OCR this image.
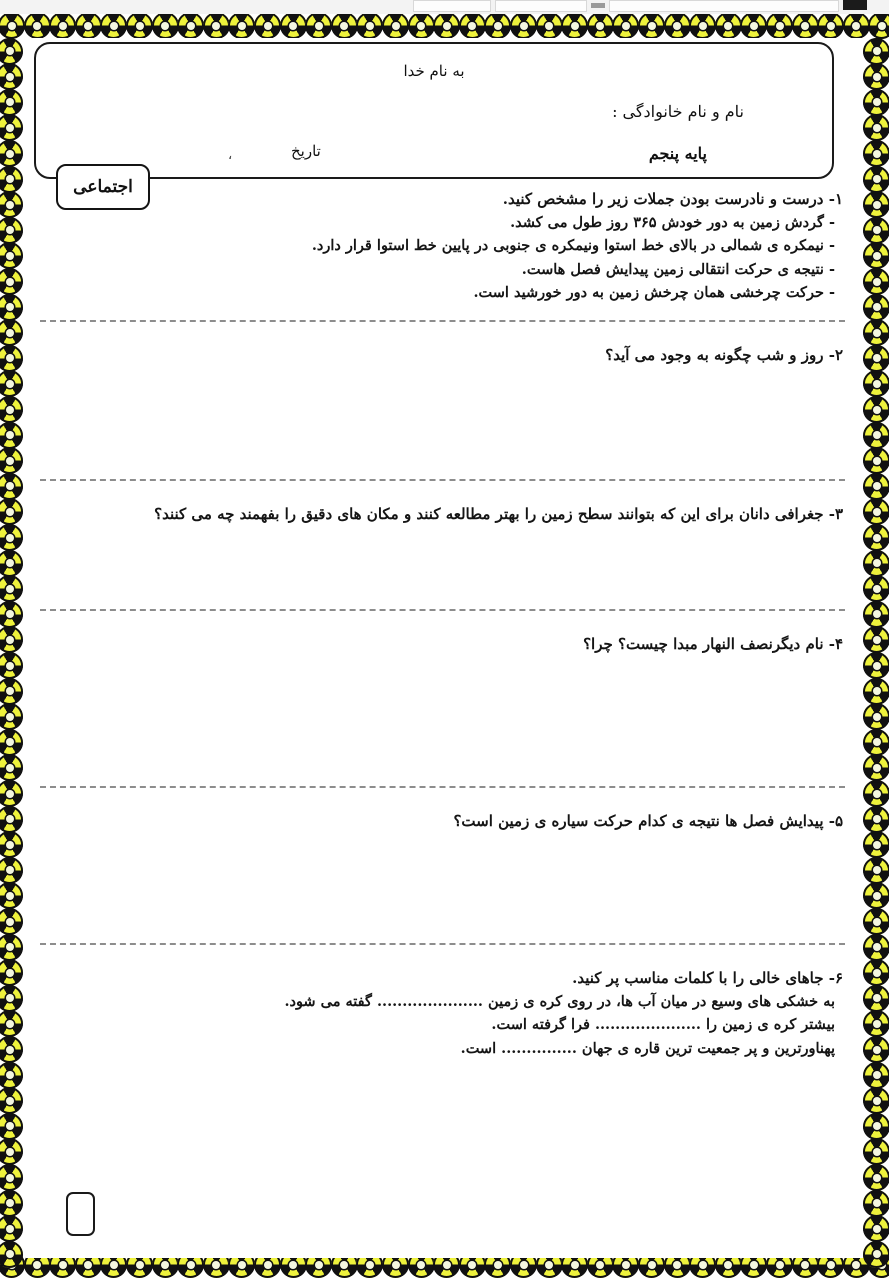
به نام خدا
نام و نام خانوادگی :
پایه پنجم
تاریخ
،
اجتماعی

۱- درست و نادرست بودن جملات زیر را مشخص کنید.

- گردش زمین به دور خودش ۳۶۵ روز طول می کشد.

- نیمکره ی شمالی در بالای خط استوا ونیمکره ی جنوبی در پایین خط استوا قرار دارد.

- نتیجه ی حرکت انتقالی زمین پیدایش فصل هاست.

- حرکت چرخشی همان چرخش زمین به دور خورشید است.

۲- روز و شب چگونه به وجود می آید؟

۳- جغرافی دانان برای این که بتوانند سطح زمین را بهتر مطالعه کنند و مکان های دقیق را بفهمند چه می کنند؟

۴- نام دیگرنصف النهار مبدا چیست؟ چرا؟

۵- پیدایش فصل ها نتیجه ی کدام حرکت سیاره ی زمین است؟

۶- جاهای خالی را با کلمات مناسب پر کنید.

به خشکی های وسیع در میان آب ها، در روی کره ی زمین ..................... گفته می شود.

بیشتر کره ی زمین را ..................... فرا گرفته است.

پهناورترین و پر جمعیت ترین قاره ی جهان ............... است.
